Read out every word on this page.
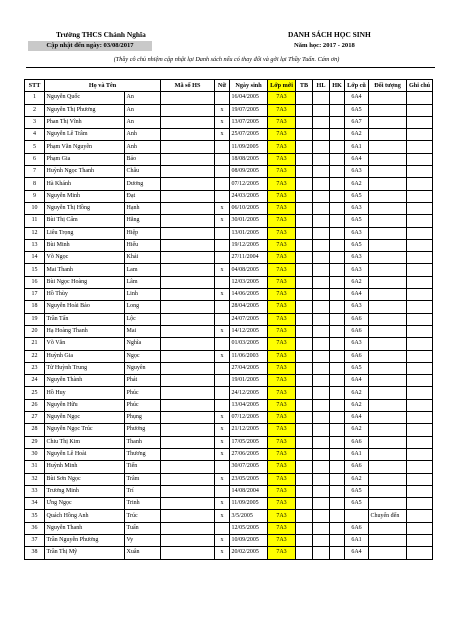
Trường THCS Chánh Nghĩa
Cập nhật đến ngày: 03/08/2017
DANH SÁCH HỌC SINH
Năm học: 2017 - 2018
(Thầy cô chủ nhiệm cập nhật lại Danh sách nếu có thay đổi và gởi lại Thầy Tuấn. Cám ơn)
STT	Họ và Tên		Mã số HS	Nữ	Ngày sinh	Lớp mới	TB	HL	HK	Lớp cũ	Đối tượng	Ghi chú
1	Nguyễn Quốc	An			16/04/2005	7A3				6A4		
2	Nguyễn Thị Phương	An		x	19/07/2005	7A3				6A5		
3	Phan Thị Vĩnh	An		x	13/07/2005	7A3				6A7		
4	Nguyễn Lê Trâm	Anh		x	25/07/2005	7A3				6A2		
5	Phạm Văn Nguyên	Anh			11/09/2005	7A3				6A1		
6	Phạm Gia	Bảo			18/08/2005	7A3				6A4		
7	Huỳnh Ngọc Thanh	Châu			08/09/2005	7A3				6A3		
8	Hà Khánh	Dương			07/12/2005	7A3				6A2		
9	Nguyễn Minh	Đạt			24/03/2005	7A3				6A5		
10	Nguyễn Thị Hồng	Hạnh		x	06/10/2005	7A3				6A3		
11	Bùi Thị Cẩm	Hằng		x	30/01/2005	7A3				6A5		
12	Liêu Trọng	Hiệp			13/01/2005	7A3				6A3		
13	Bùi Minh	Hiếu			19/12/2005	7A3				6A5		
14	Võ Ngọc	Khải			27/11/2004	7A3				6A3		
15	Mai Thanh	Lam		x	04/08/2005	7A3				6A3		
16	Bùi Ngọc Hoàng	Lâm			12/03/2005	7A3				6A2		
17	Hồ Thùy	Linh		x	14/06/2005	7A3				6A4		
18	Nguyễn Hoài Bảo	Long			28/04/2005	7A3				6A3		
19	Trần Tấn	Lộc			24/07/2005	7A3				6A6		
20	Hạ Hoàng Thanh	Mai		x	14/12/2005	7A3				6A6		
21	Võ Văn	Nghĩa			01/03/2005	7A3				6A3		
22	Huỳnh Gia	Ngọc		x	11/06/2003	7A3				6A6		
23	Từ Huỳnh Trung	Nguyên			27/04/2005	7A3				6A5		
24	Nguyễn Thành	Phát			19/01/2005	7A3				6A4		
25	Hồ Huy	Phúc			24/12/2005	7A3				6A2		
26	Nguyễn Hữu	Phúc			13/04/2005	7A3				6A2		
27	Nguyễn Ngọc	Phụng		x	07/12/2005	7A3				6A4		
28	Nguyễn Ngọc Trúc	Phương		x	21/12/2005	7A3				6A2		
29	Chiu Thị Kim	Thanh		x	17/05/2005	7A3				6A6		
30	Nguyễn Lê Hoài	Thương		x	27/06/2005	7A3				6A1		
31	Huỳnh Minh	Tiến			30/07/2005	7A3				6A6		
32	Bùi Sơn Ngọc	Trâm		x	23/05/2005	7A3				6A2		
33	Trương Minh	Trí			14/08/2004	7A3				6A5		
34	Ưng Ngọc	Trinh		x	11/09/2005	7A3				6A5		
35	Quách Hồng Anh	Trúc		x	3/5/2005	7A3					Chuyển đến	
36	Nguyễn Thanh	Tuấn			12/05/2005	7A3				6A6		
37	Trần Nguyễn Phương	Vy		x	10/09/2005	7A3				6A1		
38	Trần Thị Mỹ	Xuân		x	20/02/2005	7A3				6A4		
